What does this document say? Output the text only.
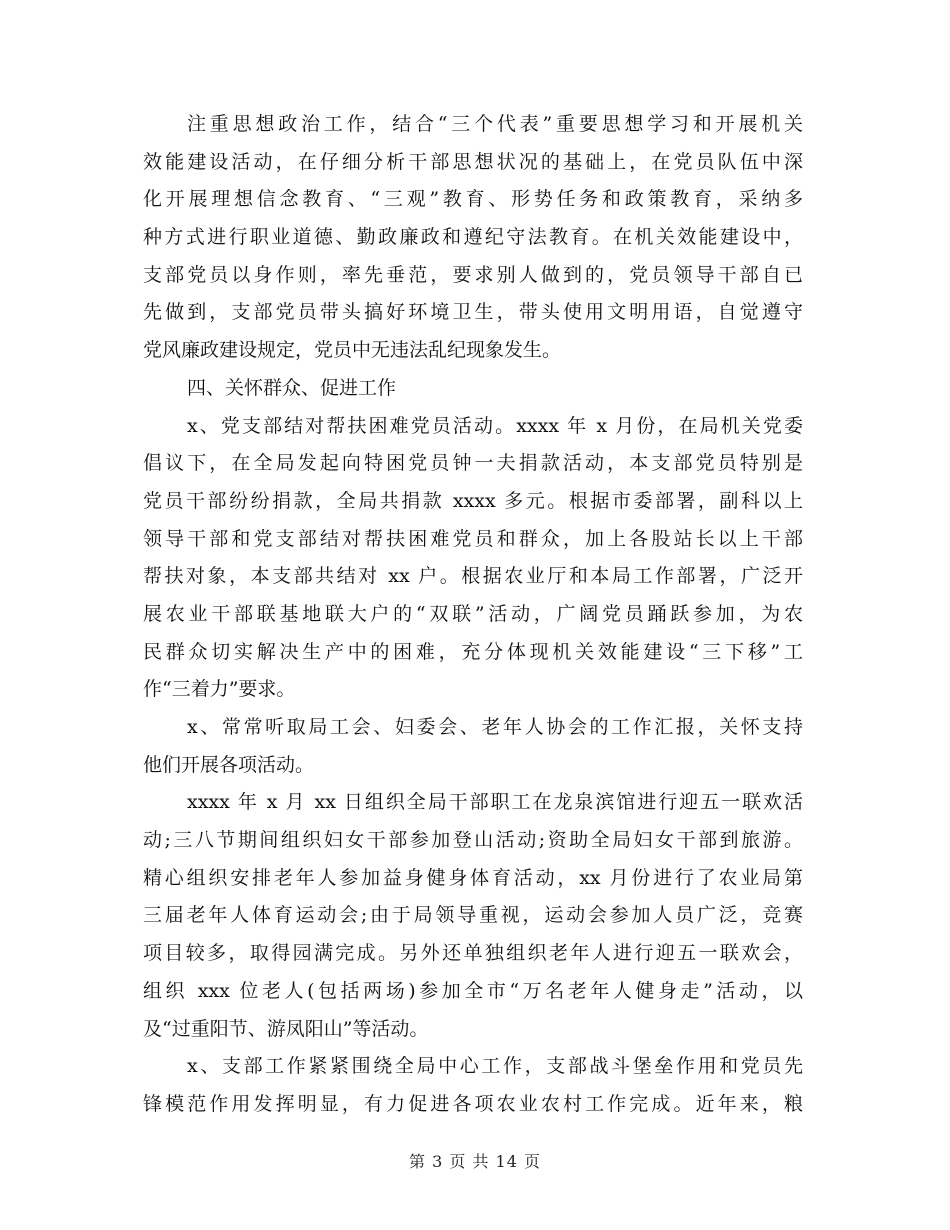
注重思想政治工作，结合“三个代表”重要思想学习和开展机关
效能建设活动，在仔细分析干部思想状况的基础上，在党员队伍中深
化开展理想信念教育、“三观”教育、形势任务和政策教育，采纳多
种方式进行职业道德、勤政廉政和遵纪守法教育。在机关效能建设中，
支部党员以身作则，率先垂范，要求别人做到的，党员领导干部自已
先做到，支部党员带头搞好环境卫生，带头使用文明用语，自觉遵守
党风廉政建设规定，党员中无违法乱纪现象发生。
四、关怀群众、促进工作
x、党支部结对帮扶困难党员活动。xxxx 年 x 月份，在局机关党委
倡议下，在全局发起向特困党员钟一夫捐款活动，本支部党员特别是
党员干部纷纷捐款，全局共捐款 xxxx 多元。根据市委部署，副科以上
领导干部和党支部结对帮扶困难党员和群众，加上各股站长以上干部
帮扶对象，本支部共结对 xx 户。根据农业厅和本局工作部署，广泛开
展农业干部联基地联大户的“双联”活动，广阔党员踊跃参加，为农
民群众切实解决生产中的困难，充分体现机关效能建设“三下移”工
作“三着力”要求。
x、常常听取局工会、妇委会、老年人协会的工作汇报，关怀支持
他们开展各项活动。
xxxx 年 x 月 xx 日组织全局干部职工在龙泉滨馆进行迎五一联欢活
动;三八节期间组织妇女干部参加登山活动;资助全局妇女干部到旅游。
精心组织安排老年人参加益身健身体育活动，xx 月份进行了农业局第
三届老年人体育运动会;由于局领导重视，运动会参加人员广泛，竞赛
项目较多，取得园满完成。另外还单独组织老年人进行迎五一联欢会，
组织 xxx 位老人(包括两场)参加全市“万名老年人健身走”活动，以
及“过重阳节、游凤阳山”等活动。
x、支部工作紧紧围绕全局中心工作，支部战斗堡垒作用和党员先
锋模范作用发挥明显，有力促进各项农业农村工作完成。近年来，粮
第 3 页 共 14 页
